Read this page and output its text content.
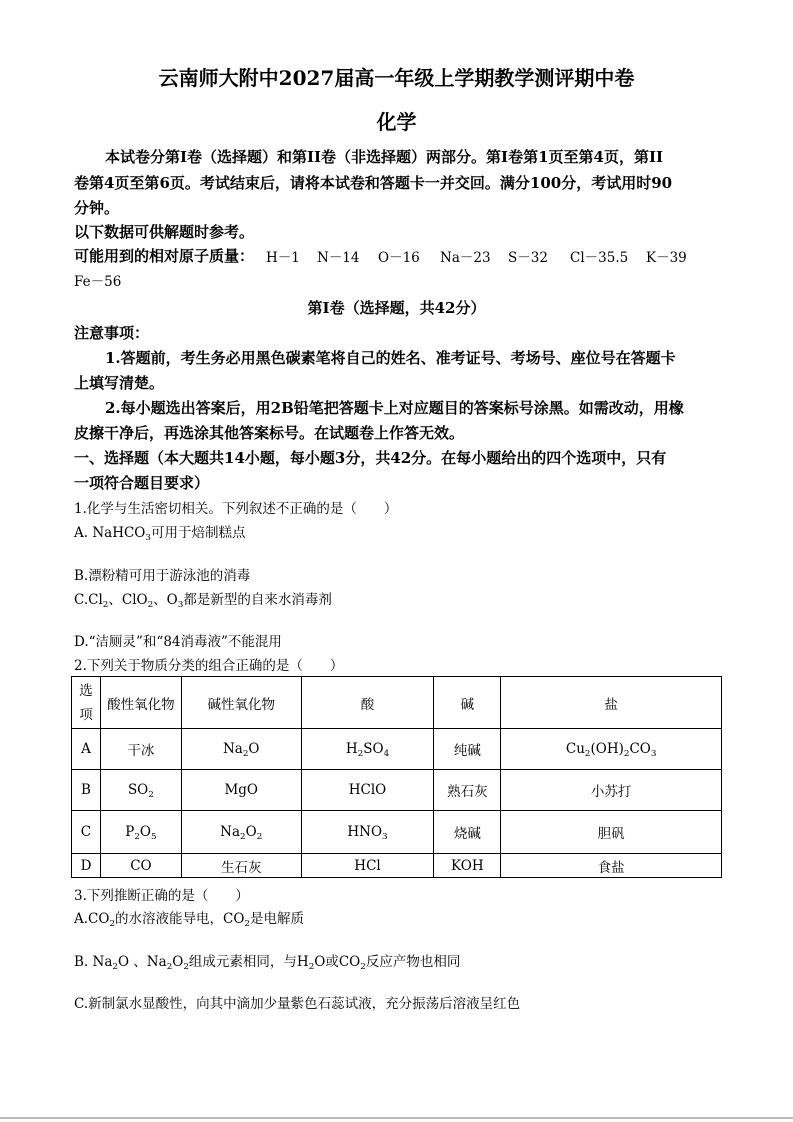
云南师大附中2027届高一年级上学期教学测评期中卷
化学
本试卷分第I卷（选择题）和第II卷（非选择题）两部分。第I卷第1页至第4页，第II
卷第4页至第6页。考试结束后，请将本试卷和答题卡一并交回。满分100分，考试用时90
分钟。
以下数据可供解题时参考。
可能用到的相对原子质量： H－1 N－14 O－16 Na－23 S－32 Cl－35.5 K－39
Fe－56
第I卷（选择题，共42分）
注意事项：
1.答题前，考生务必用黑色碳素笔将自己的姓名、准考证号、考场号、座位号在答题卡
上填写清楚。
2.每小题选出答案后，用2B铅笔把答题卡上对应题目的答案标号涂黑。如需改动，用橡
皮擦干净后，再选涂其他答案标号。在试题卷上作答无效。
一、选择题（本大题共14小题，每小题3分，共42分。在每小题给出的四个选项中，只有
一项符合题目要求）
1.化学与生活密切相关。下列叙述不正确的是（　　）
A. NaHCO$_3$可用于焙制糕点
B.漂粉精可用于游泳池的消毒
$C.Cl_2$、ClO$_2$、$O_3$都是新型的自来水消毒剂
D.“洁厕灵”和“84消毒液”不能混用
2.下列关于物质分类的组合正确的是（　　）
选项	酸性氧化物	碱性氧化物	酸	碱	盐
A	干冰	$Na_2O$	$H_2SO_4$	纯碱	$Cu_2(OH)_2CO_3$
B	$SO_2$	MgO	HClO	熟石灰	小苏打
C	$P_2O_5$	$Na_2O_2$	$HNO_3$	烧碱	胆矾
D	CO	生石灰	HCl	KOH	食盐
3.下列推断正确的是（　　）
$A.CO_2$的水溶液能导电，$CO_2$是电解质
B. $Na_2O$ 、$Na_2O_2$组成元素相同，与$H_2O$或$CO_2$反应产物也相同
C.新制氯水显酸性，向其中滴加少量紫色石蕊试液，充分振荡后溶液呈红色
